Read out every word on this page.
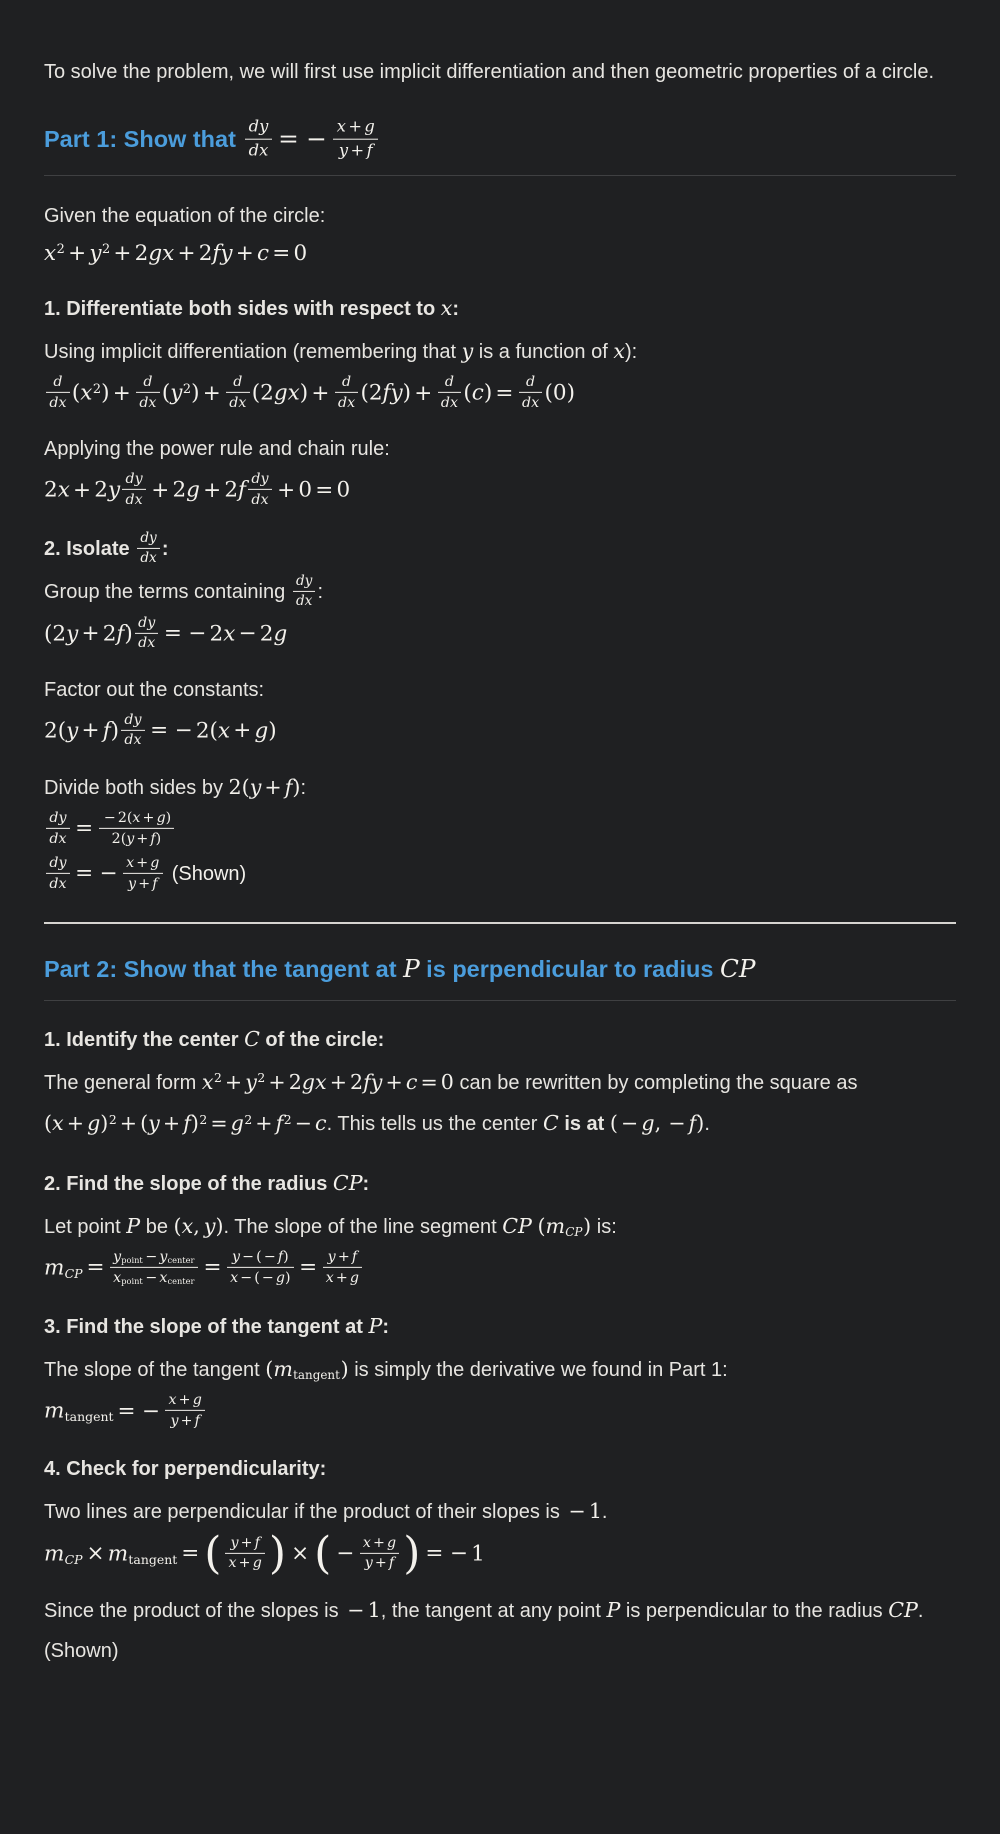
To solve the problem, we will first use implicit differentiation and then geometric properties of a circle.

Part 1: Show that $\frac{dy}{dx}$ = − $\frac{x + g}{y + f}$

Given the equation of the circle:

$x^2 + y^2 + 2gx + 2fy + c = 0$

1. Differentiate both sides with respect to x:

Using implicit differentiation (remembering that y is a function of x):

$\frac{d}{dx} (x^2) + \frac{d}{dx} (y^2) + \frac{d}{dx} (2gx) + \frac{d}{dx} (2fy) + \frac{d}{dx} (c) = \frac{d}{dx} (0)$

Applying the power rule and chain rule:

$2x + 2y \frac{dy}{dx} + 2g + 2f \frac{dy}{dx} + 0 = 0$

2. Isolate $\frac{dy}{dx}$ :

Group the terms containing $\frac{dy}{dx}$ :

$(2y + 2f) \frac{dy}{dx}$ = − 2x − 2g

Factor out the constants:

$2(y + f) \frac{dy}{dx}$ = − 2(x + g)

Divide both sides by 2(y + f):

$\frac{dy}{dx} = \frac{- 2(x + g)}{2(y + f)}$
$\frac{dy}{dx}$ = − $\frac{x + g}{y + f}$ (Shown)
Part 2: Show that the tangent at P is perpendicular to radius CP

1. Identify the center C of the circle:

The general form $x^2 + y^2 + 2gx + 2fy + c = 0$ can be rewritten by completing the square as $(x + g)^2 + (y + f)^2 = g^2 + f^2 - c$. This tells us the center C is at ( − g,  − f).

2. Find the slope of the radius CP:

Let point P be (x,  y). The slope of the line segment CP $(m_{CP})$ is:

$m_{CP} = y_{point} - y_{center}$
$x_{point} - x_{center}$
= $\frac{y - ( - f)}{x - ( - g)} = \frac{y + f}{x + g}$

3. Find the slope of the tangent at P:

The slope of the tangent $(m_{tangent})$ is simply the derivative we found in Part 1:

$m_{tangent}$ = − $\frac{x + g}{y + f}$

4. Check for perpendicularity:

Two lines are perpendicular if the product of their slopes is − 1.

$m_{CP} \times m_{tangent}$ = ( $\frac{y + f}{x + g}$ ) × ( − $\frac{x + g}{y + f}$ ) = − 1

Since the product of the slopes is − 1, the tangent at any point P is perpendicular to the radius CP. (Shown)
